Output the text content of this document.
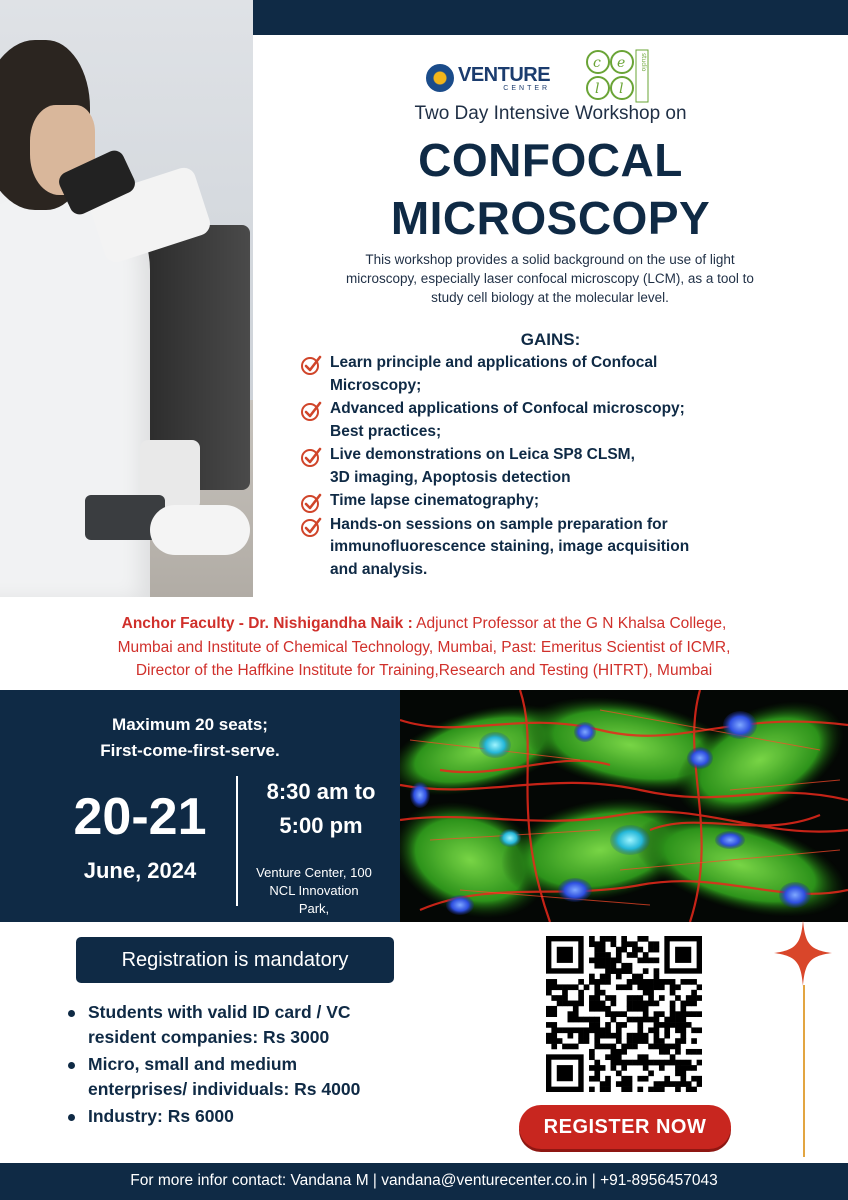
VENTURE
CENTER
c e
l l
studio
Two Day Intensive Workshop on
CONFOCAL
MICROSCOPY
This workshop provides a solid background on the use of light
microscopy, especially laser confocal microscopy (LCM), as a tool to
study cell biology at the molecular level.
GAINS:
Learn principle and applications of Confocal
Microscopy;
Advanced applications of Confocal microscopy;
Best practices;
Live demonstrations on Leica SP8 CLSM,
3D imaging, Apoptosis detection
Time lapse cinematography;
Hands-on sessions on sample preparation for
immunofluorescence staining, image acquisition
and analysis.
Anchor Faculty - Dr. Nishigandha Naik : Adjunct Professor at the G N Khalsa College,
Mumbai and Institute of Chemical Technology, Mumbai, Past: Emeritus Scientist of ICMR,
Director of the Haffkine Institute for Training,Research and Testing (HITRT), Mumbai
Maximum 20 seats;
First-come-first-serve.
20-21
June, 2024
8:30 am to
5:00 pm
Venture Center, 100
NCL Innovation
Park,
Registration is mandatory
Students with valid ID card / VC
resident companies: Rs 3000
Micro, small and medium
enterprises/ individuals: Rs 4000
Industry: Rs 6000	REGISTER NOW
For more infor contact: Vandana M | vandana@venturecenter.co.in | +91-8956457043
